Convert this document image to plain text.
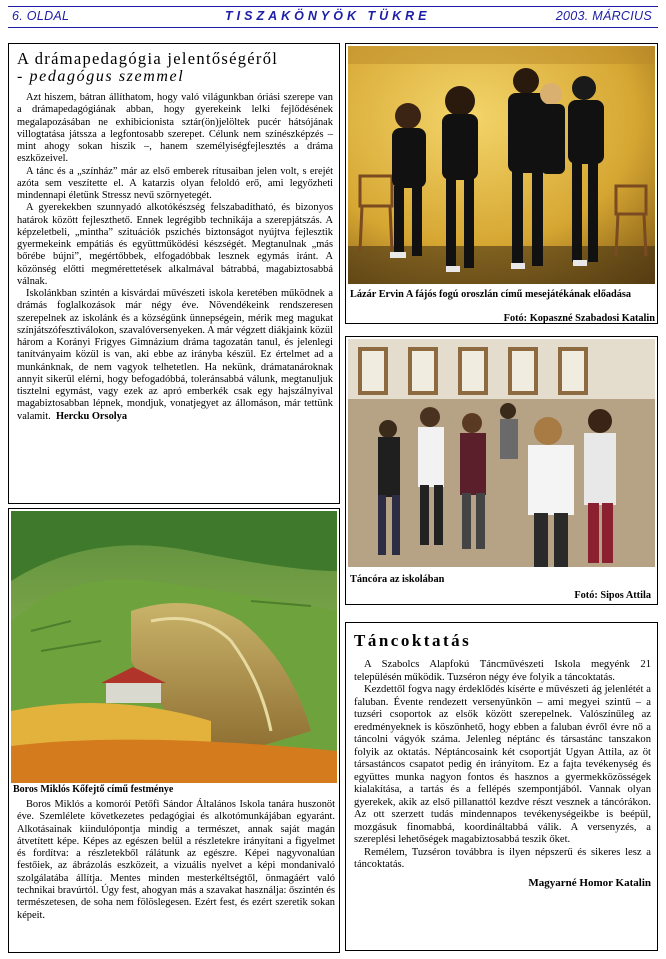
6. OLDAL	TISZAKÖNYÖK TÜKRE	2003. MÁRCIUS
A drámapedagógia jelentőségéről
- pedagógus szemmel

Azt hiszem, bátran állíthatom, hogy való világunkban óriási szerepe van a drámapedagógiának abban, hogy gyerekeink lelki fejlődésének megalapozásában ne exhibicionista sztár(ön)jelöltek pucér hátsójának villogtatása játssza a legfontosabb szerepet. Célunk nem színészképzés – mint ahogy sokan hiszik –, hanem személyiségfejlesztés a dráma eszközeivel.

A tánc és a „színház” már az első emberek rítusaiban jelen volt, s erejét azóta sem veszítette el. A katarzis olyan feloldó erő, ami legyőzheti mindennapi életünk Stressz nevű szörnyetegét.

A gyerekekben szunnyadó alkotókészség felszabadítható, és bizonyos határok között fejleszthető. Ennek legrégibb technikája a szerepjátszás. A képzeletbeli, „mintha” szituációk pszichés biztonságot nyújtva fejlesztik gyermekeink empátiás és együttműködési készségét. Megtanulnak „más bőrébe bújni”, megértőbbek, elfogadóbbak lesznek egymás iránt. A közönség előtti megmérettetések alkalmával bátrabbá, magabiztosabbá válnak.

Iskolánkban szintén a kisvárdai művészeti iskola keretében működnek a drámás foglalkozások már négy éve. Növendékeink rendszeresen szerepelnek az iskolánk és a községünk ünnepségein, mérik meg magukat színjátszófesztiválokon, szavalóversenyeken. A már végzett diákjaink közül három a Korányi Frigyes Gimnázium dráma tagozatán tanul, és jelenlegi tanítványaim közül is van, aki ebbe az irányba készül. Ez értelmet ad a munkánknak, de nem vagyok telhetetlen. Ha nekünk, drámatanároknak annyit sikerül elérni, hogy befogadóbbá, toleránsabbá válunk, megtanuljuk tisztelni egymást, vagy ezek az apró emberkék csak egy hajszálnyival magabiztosabban lépnek, mondjuk, vonatjegyet az állomáson, már tettünk valamit. Hercku Orsolya

Lázár Ervin A fájós fogú oroszlán című mesejátékának előadása
Fotó: Kopaszné Szabadosi Katalin
Boros Miklós Kőfejtő című festménye

Boros Miklós a komoróí Petőfi Sándor Általános Iskola tanára huszonöt éve. Szemlélete következetes pedagógiai és alkotómunkájában egyaránt. Alkotásainak kiindulópontja mindig a természet, annak saját magán átvetített képe. Képes az egészen belül a részletekre irányítani a figyelmet és fordítva: a részletekből rálátunk az egészre. Képei nagyvonalúan festőiek, az ábrázolás eszközeit, a vizuális nyelvet a képi mondanivaló szolgálatába állítja. Mentes minden mesterkéltségtől, önmagáért való technikai bravúrtól. Úgy fest, ahogyan más a szavakat használja: őszintén és természetesen, de soha nem fölöslegesen. Ezért fest, és ezért szeretik sokan képeit.

Táncóra az iskolában
Fotó: Sipos Attila
Táncoktatás

A Szabolcs Alapfokú Táncművészeti Iskola megyénk 21 településén működik. Tuzséron négy éve folyik a táncoktatás.

Kezdettől fogva nagy érdeklődés kísérte e művészeti ág jelenlétét a faluban. Évente rendezett versenyünkön – ami megyei szintű – a tuzséri csoportok az elsők között szerepelnek. Valószínűleg az eredményeknek is köszönhető, hogy ebben a faluban évről évre nő a táncolni vágyók száma. Jelenleg néptánc és társastánc tanszakon folyik az oktatás. Néptáncosaink két csoportját Ugyan Attila, az öt társastáncos csapatot pedig én irányítom. Ez a fajta tevékenység és együttes munka nagyon fontos és hasznos a gyermekközösségek kialakítása, a tartás és a fellépés szempontjából. Vannak olyan gyerekek, akik az első pillanattól kezdve részt vesznek a táncórákon. Az ott szerzett tudás mindennapos tevékenységeikbe is beépül, mozgásuk finomabbá, koordináltabbá válik. A versenyzés, a szereplési lehetőségek magabiztosabbá teszik őket.

Remélem, Tuzséron továbbra is ilyen népszerű és sikeres lesz a táncoktatás.

Magyarné Homor Katalin
